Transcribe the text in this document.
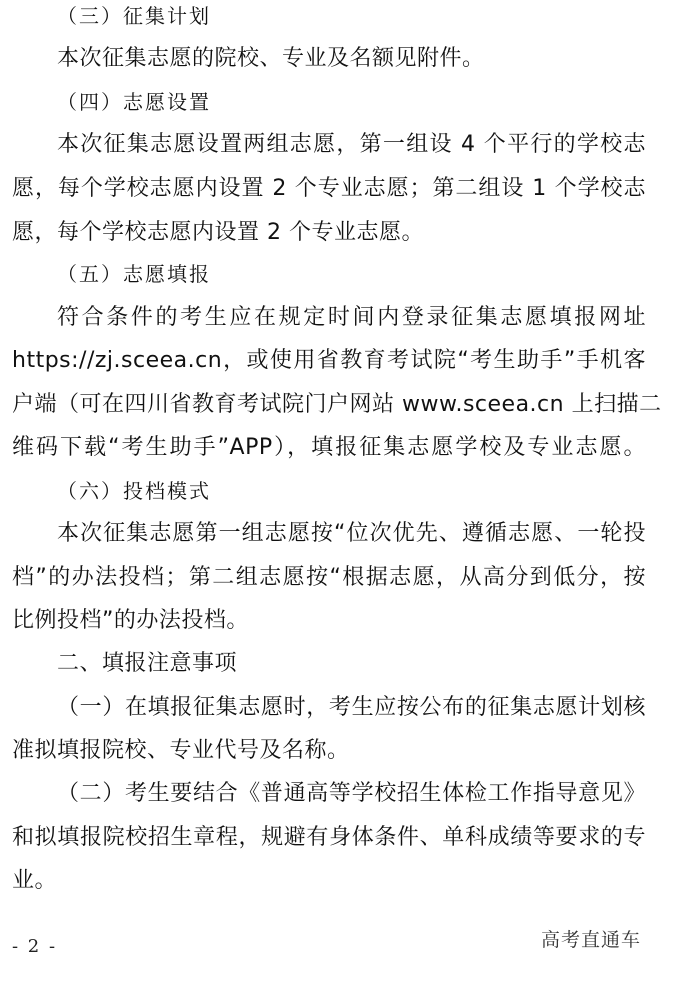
（三）征集计划
本次征集志愿的院校、专业及名额见附件。
（四）志愿设置
本次征集志愿设置两组志愿，第一组设 4 个平行的学校志
愿，每个学校志愿内设置 2 个专业志愿；第二组设 1 个学校志
愿，每个学校志愿内设置 2 个专业志愿。
（五）志愿填报
符合条件的考生应在规定时间内登录征集志愿填报网址
https://zj.sceea.cn，或使用省教育考试院“考生助手”手机客
户端（可在四川省教育考试院门户网站 www.sceea.cn 上扫描二
维码下载“考生助手”APP），填报征集志愿学校及专业志愿。
（六）投档模式
本次征集志愿第一组志愿按“位次优先、遵循志愿、一轮投
档”的办法投档；第二组志愿按“根据志愿，从高分到低分，按
比例投档”的办法投档。
二、填报注意事项
（一）在填报征集志愿时，考生应按公布的征集志愿计划核
准拟填报院校、专业代号及名称。
（二）考生要结合《普通高等学校招生体检工作指导意见》
和拟填报院校招生章程，规避有身体条件、单科成绩等要求的专
业。
- 2 -	高考直通车
